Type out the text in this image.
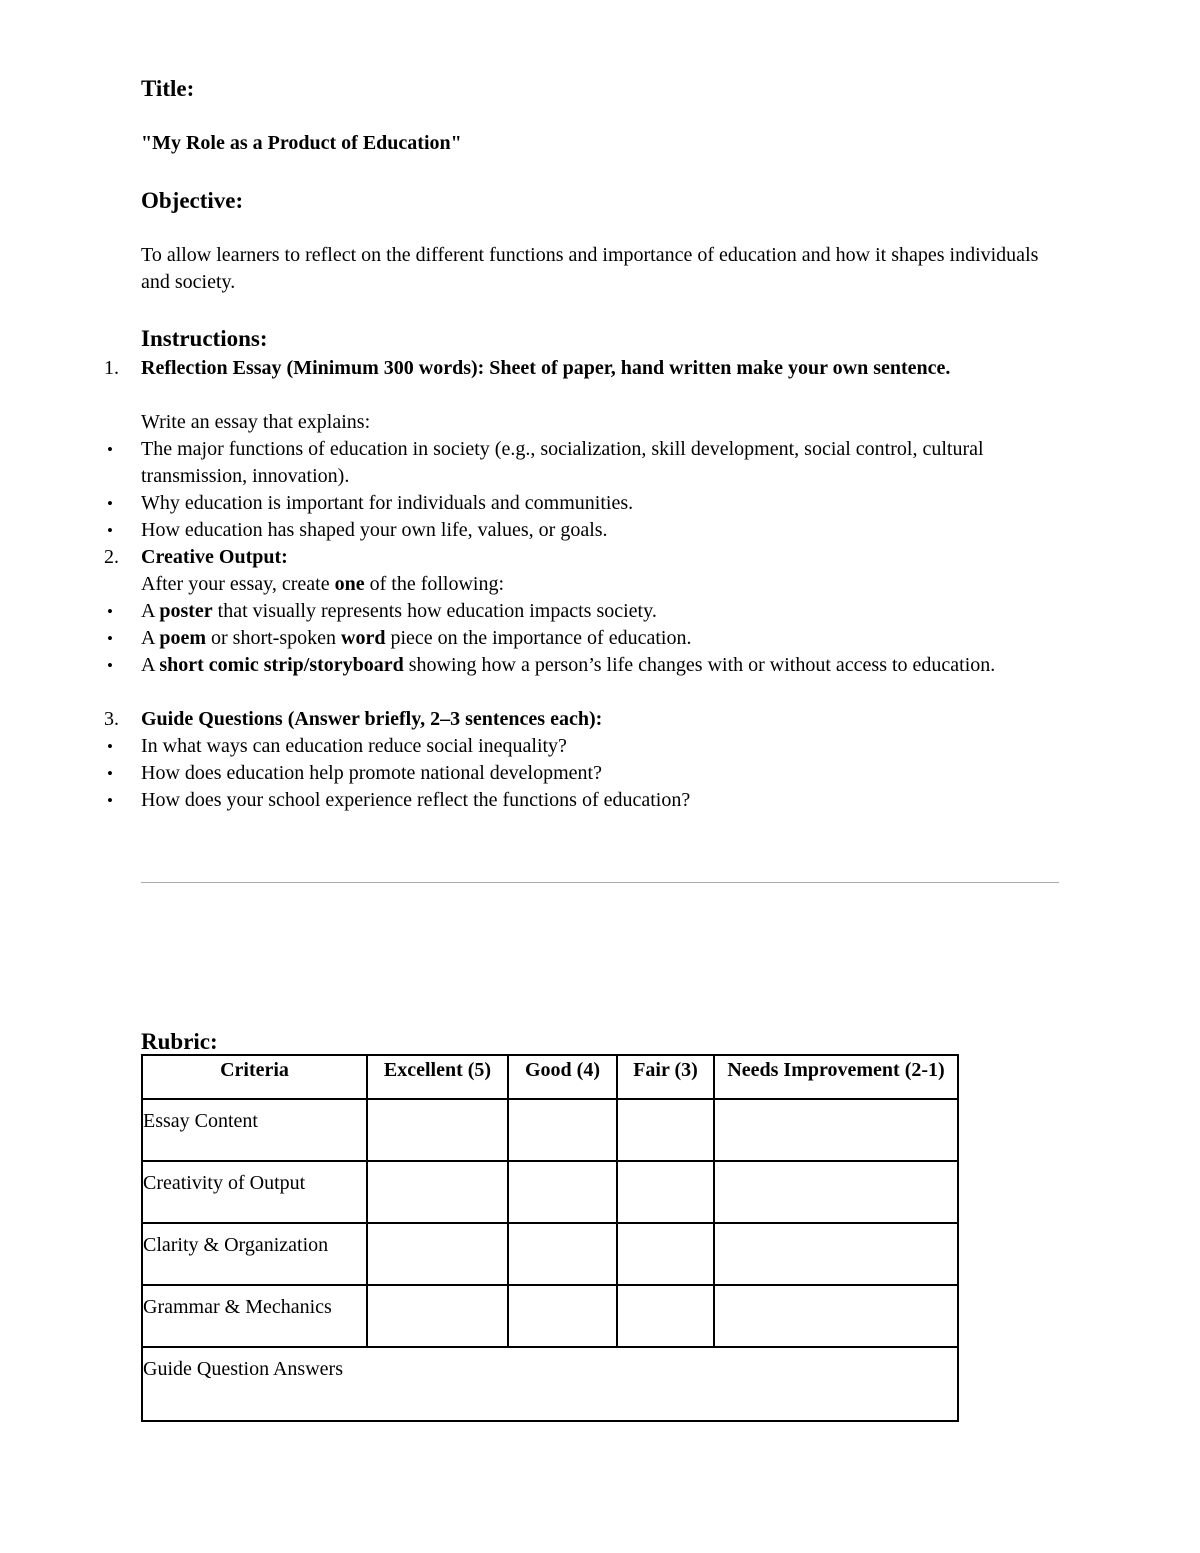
Title:
"My Role as a Product of Education"
Objective:
To allow learners to reflect on the different functions and importance of education and how it shapes individuals and society.
Instructions:
1. Reflection Essay (Minimum 300 words): Sheet of paper, hand written make your own sentence.
Write an essay that explains:
• The major functions of education in society (e.g., socialization, skill development, social control, cultural transmission, innovation).
• Why education is important for individuals and communities.
• How education has shaped your own life, values, or goals.
2. Creative Output:
After your essay, create one of the following:
• A poster that visually represents how education impacts society.
• A poem or short-spoken word piece on the importance of education.
• A short comic strip/storyboard showing how a person’s life changes with or without access to education.
3. Guide Questions (Answer briefly, 2–3 sentences each):
• In what ways can education reduce social inequality?
• How does education help promote national development?
• How does your school experience reflect the functions of education?
Rubric:
Criteria	Excellent (5)	Good (4)	Fair (3)	Needs Improvement (2-1)
Essay Content				
Creativity of Output				
Clarity & Organization				
Grammar & Mechanics				
Guide Question Answers				
